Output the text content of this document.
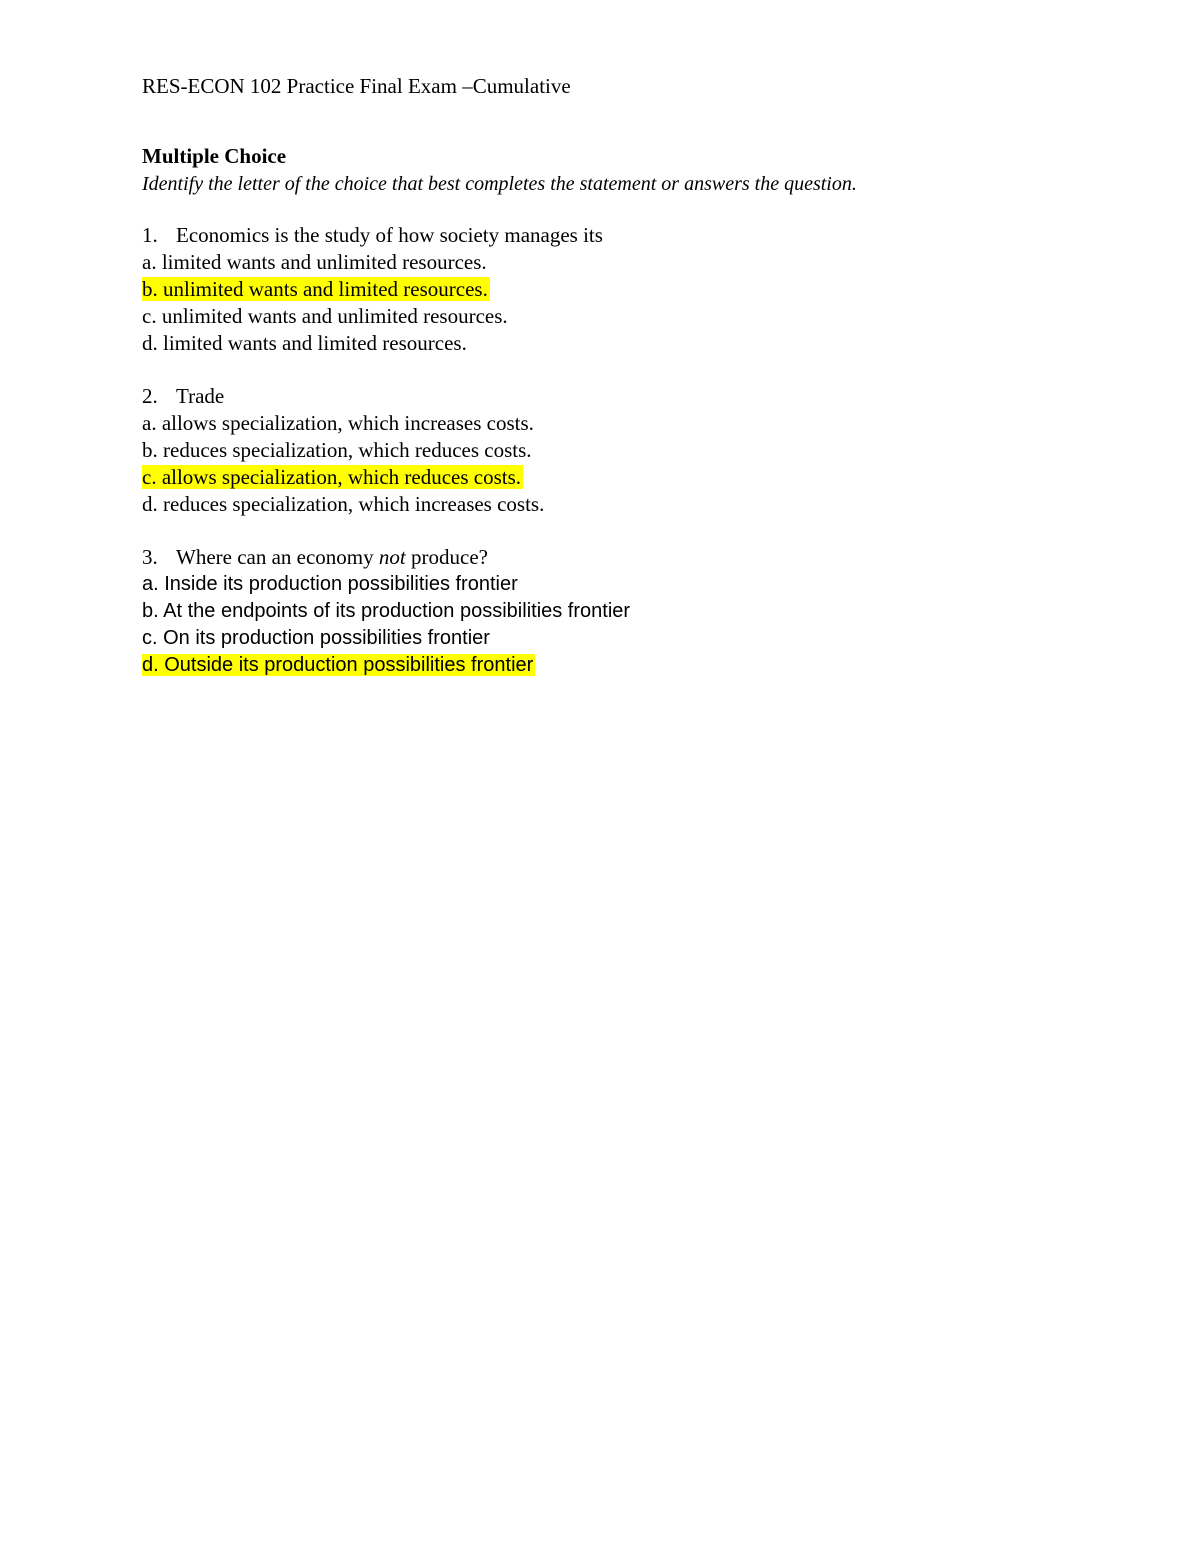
RES-ECON 102 Practice Final Exam –Cumulative

Multiple Choice

Identify the letter of the choice that best completes the statement or answers the question.

1. Economics is the study of how society manages its
a. limited wants and unlimited resources.
b. unlimited wants and limited resources.
c. unlimited wants and unlimited resources.
d. limited wants and limited resources.
2. Trade
a. allows specialization, which increases costs.
b. reduces specialization, which reduces costs.
c. allows specialization, which reduces costs.
d. reduces specialization, which increases costs.
3. Where can an economy not produce?
a. Inside its production possibilities frontier
b. At the endpoints of its production possibilities frontier
c. On its production possibilities frontier
d. Outside its production possibilities frontier
